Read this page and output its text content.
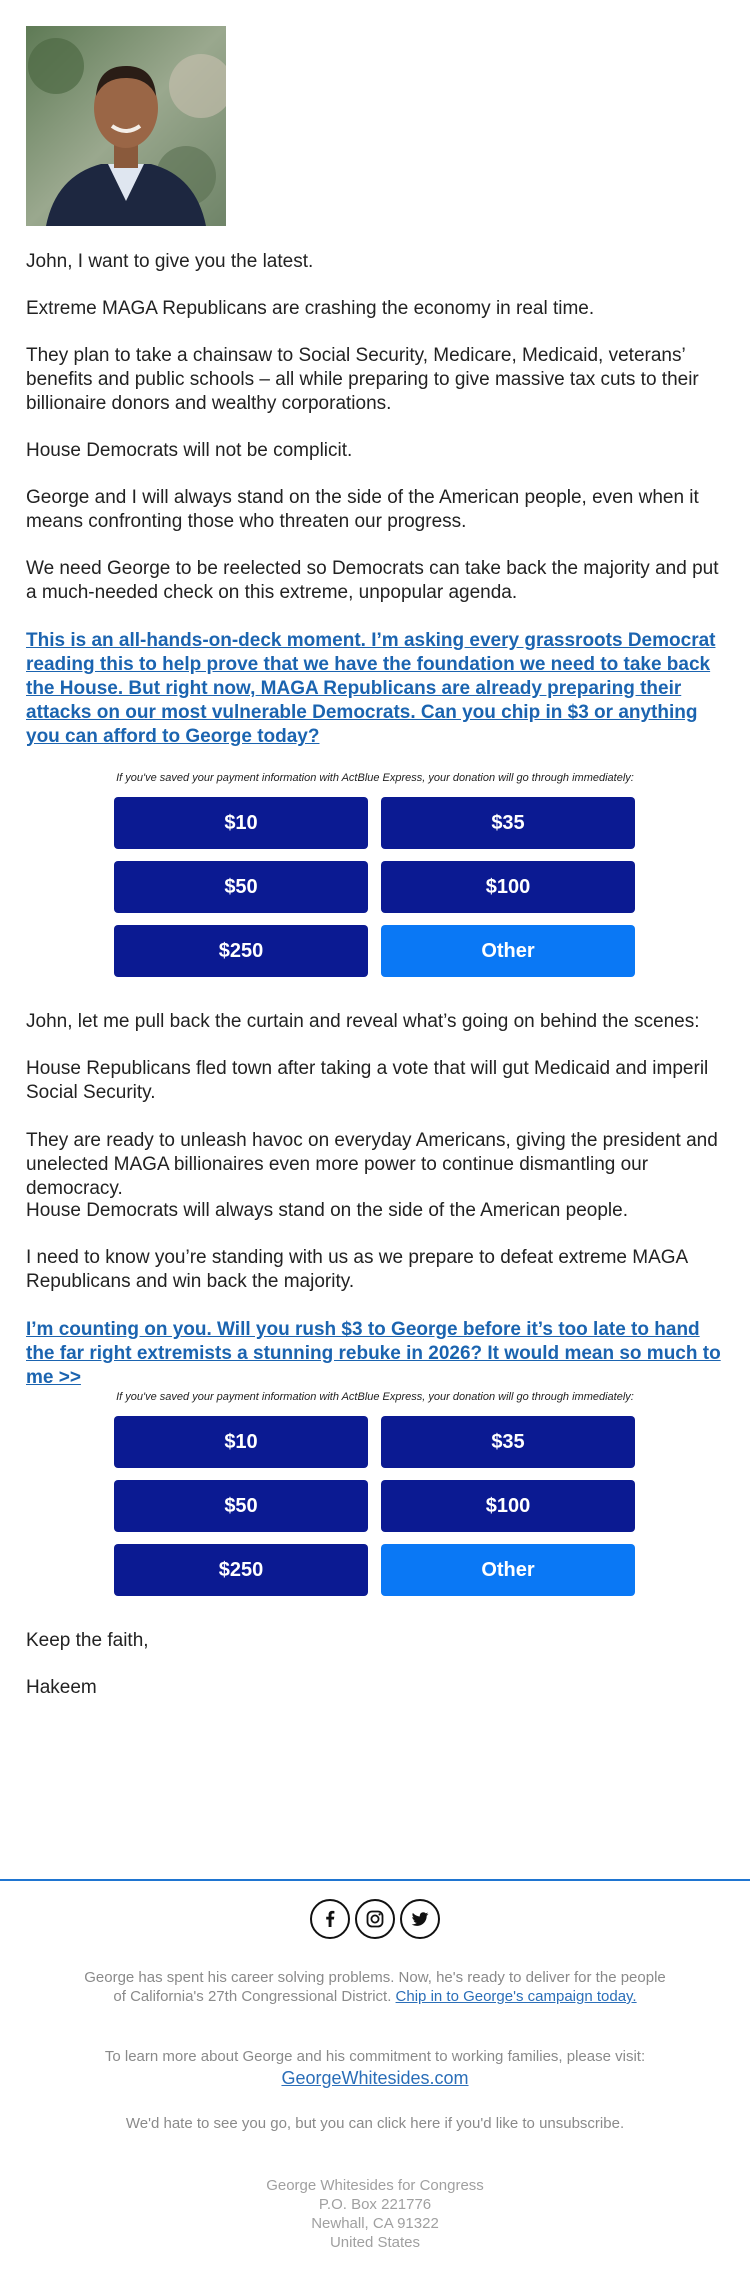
John, I want to give you the latest.

Extreme MAGA Republicans are crashing the economy in real time.

They plan to take a chainsaw to Social Security, Medicare, Medicaid, veterans’ benefits and public schools – all while preparing to give massive tax cuts to their billionaire donors and wealthy corporations.

House Democrats will not be complicit.

George and I will always stand on the side of the American people, even when it means confronting those who threaten our progress.

We need George to be reelected so Democrats can take back the majority and put a much-needed check on this extreme, unpopular agenda.

This is an all-hands-on-deck moment. I’m asking every grassroots Democrat reading this to help prove that we have the foundation we need to take back the House. But right now, MAGA Republicans are already preparing their attacks on our most vulnerable Democrats. Can you chip in $3 or anything you can afford to George today?

If you've saved your payment information with ActBlue Express, your donation will go through immediately:
$10	$35
$50	$100
$250	Other

John, let me pull back the curtain and reveal what’s going on behind the scenes:

House Republicans fled town after taking a vote that will gut Medicaid and imperil Social Security.

They are ready to unleash havoc on everyday Americans, giving the president and unelected MAGA billionaires even more power to continue dismantling our democracy.

House Democrats will always stand on the side of the American people.

I need to know you’re standing with us as we prepare to defeat extreme MAGA Republicans and win back the majority.

I’m counting on you. Will you rush $3 to George before it’s too late to hand the far right extremists a stunning rebuke in 2026? It would mean so much to me >>

If you've saved your payment information with ActBlue Express, your donation will go through immediately:
$10	$35
$50	$100
$250	Other

Keep the faith,

Hakeem

George has spent his career solving problems. Now, he's ready to deliver for the people of California's 27th Congressional District. Chip in to George's campaign today.
To learn more about George and his commitment to working families, please visit:
GeorgeWhitesides.com
We'd hate to see you go, but you can click here if you'd like to unsubscribe.
George Whitesides for Congress
P.O. Box 221776
Newhall, CA 91322
United States
